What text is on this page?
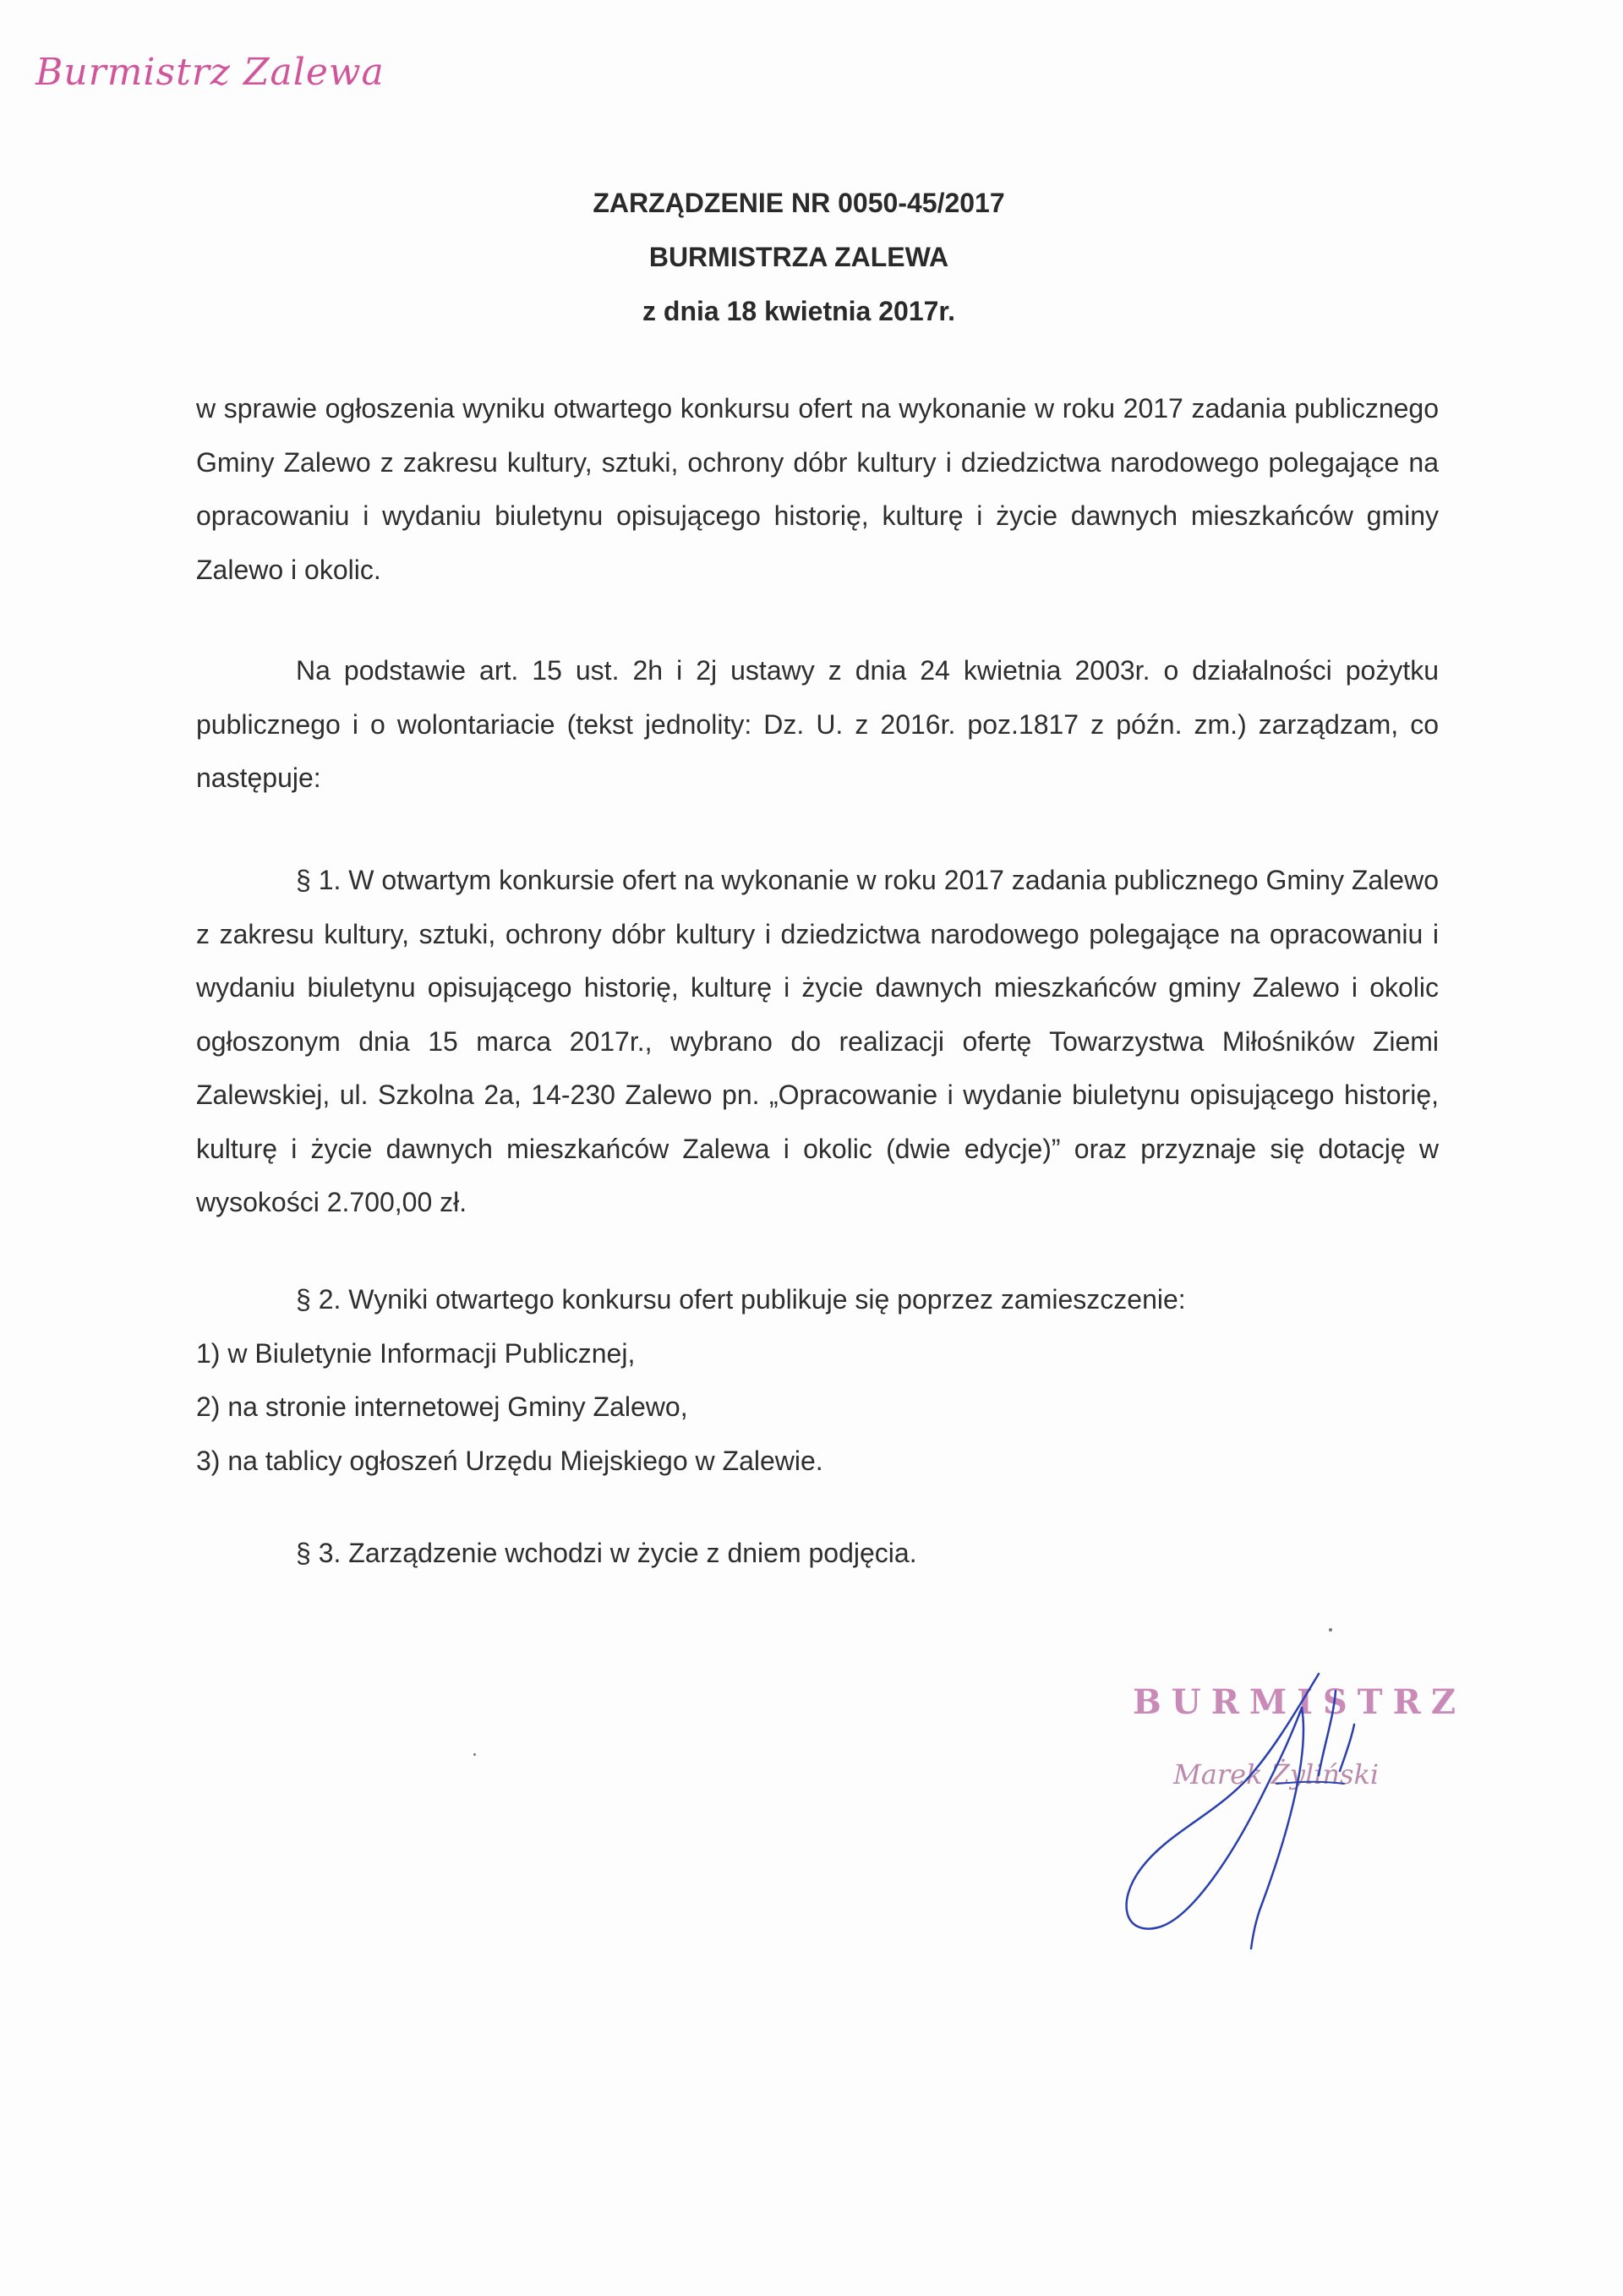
Burmistrz Zalewa
ZARZĄDZENIE NR 0050-45/2017
BURMISTRZA ZALEWA
z dnia 18 kwietnia 2017r.
w sprawie ogłoszenia wyniku otwartego konkursu ofert na wykonanie w roku 2017 zadania publicznego Gminy Zalewo z zakresu kultury, sztuki, ochrony dóbr kultury i dziedzictwa narodowego polegające na opracowaniu i wydaniu biuletynu opisującego historię, kulturę i życie dawnych mieszkańców gminy Zalewo i okolic.
Na podstawie art. 15 ust. 2h i 2j ustawy z dnia 24 kwietnia 2003r. o działalności pożytku publicznego i o wolontariacie (tekst jednolity: Dz. U. z 2016r. poz.1817 z późn. zm.) zarządzam, co następuje:
§ 1. W otwartym konkursie ofert na wykonanie w roku 2017 zadania publicznego Gminy Zalewo z zakresu kultury, sztuki, ochrony dóbr kultury i dziedzictwa narodowego polegające na opracowaniu i wydaniu biuletynu opisującego historię, kulturę i życie dawnych mieszkańców gminy Zalewo i okolic ogłoszonym dnia 15 marca 2017r., wybrano do realizacji ofertę Towarzystwa Miłośników Ziemi Zalewskiej, ul. Szkolna 2a, 14-230 Zalewo pn. „Opracowanie i wydanie biuletynu opisującego historię, kulturę i życie dawnych mieszkańców Zalewa i okolic (dwie edycje)” oraz przyznaje się dotację w wysokości 2.700,00 zł.
§ 2. Wyniki otwartego konkursu ofert publikuje się poprzez zamieszczenie:
1) w Biuletynie Informacji Publicznej,
2) na stronie internetowej Gminy Zalewo,
3) na tablicy ogłoszeń Urzędu Miejskiego w Zalewie.
§ 3. Zarządzenie wchodzi w życie z dniem podjęcia.
BURMISTRZ
Marek Żyliński
